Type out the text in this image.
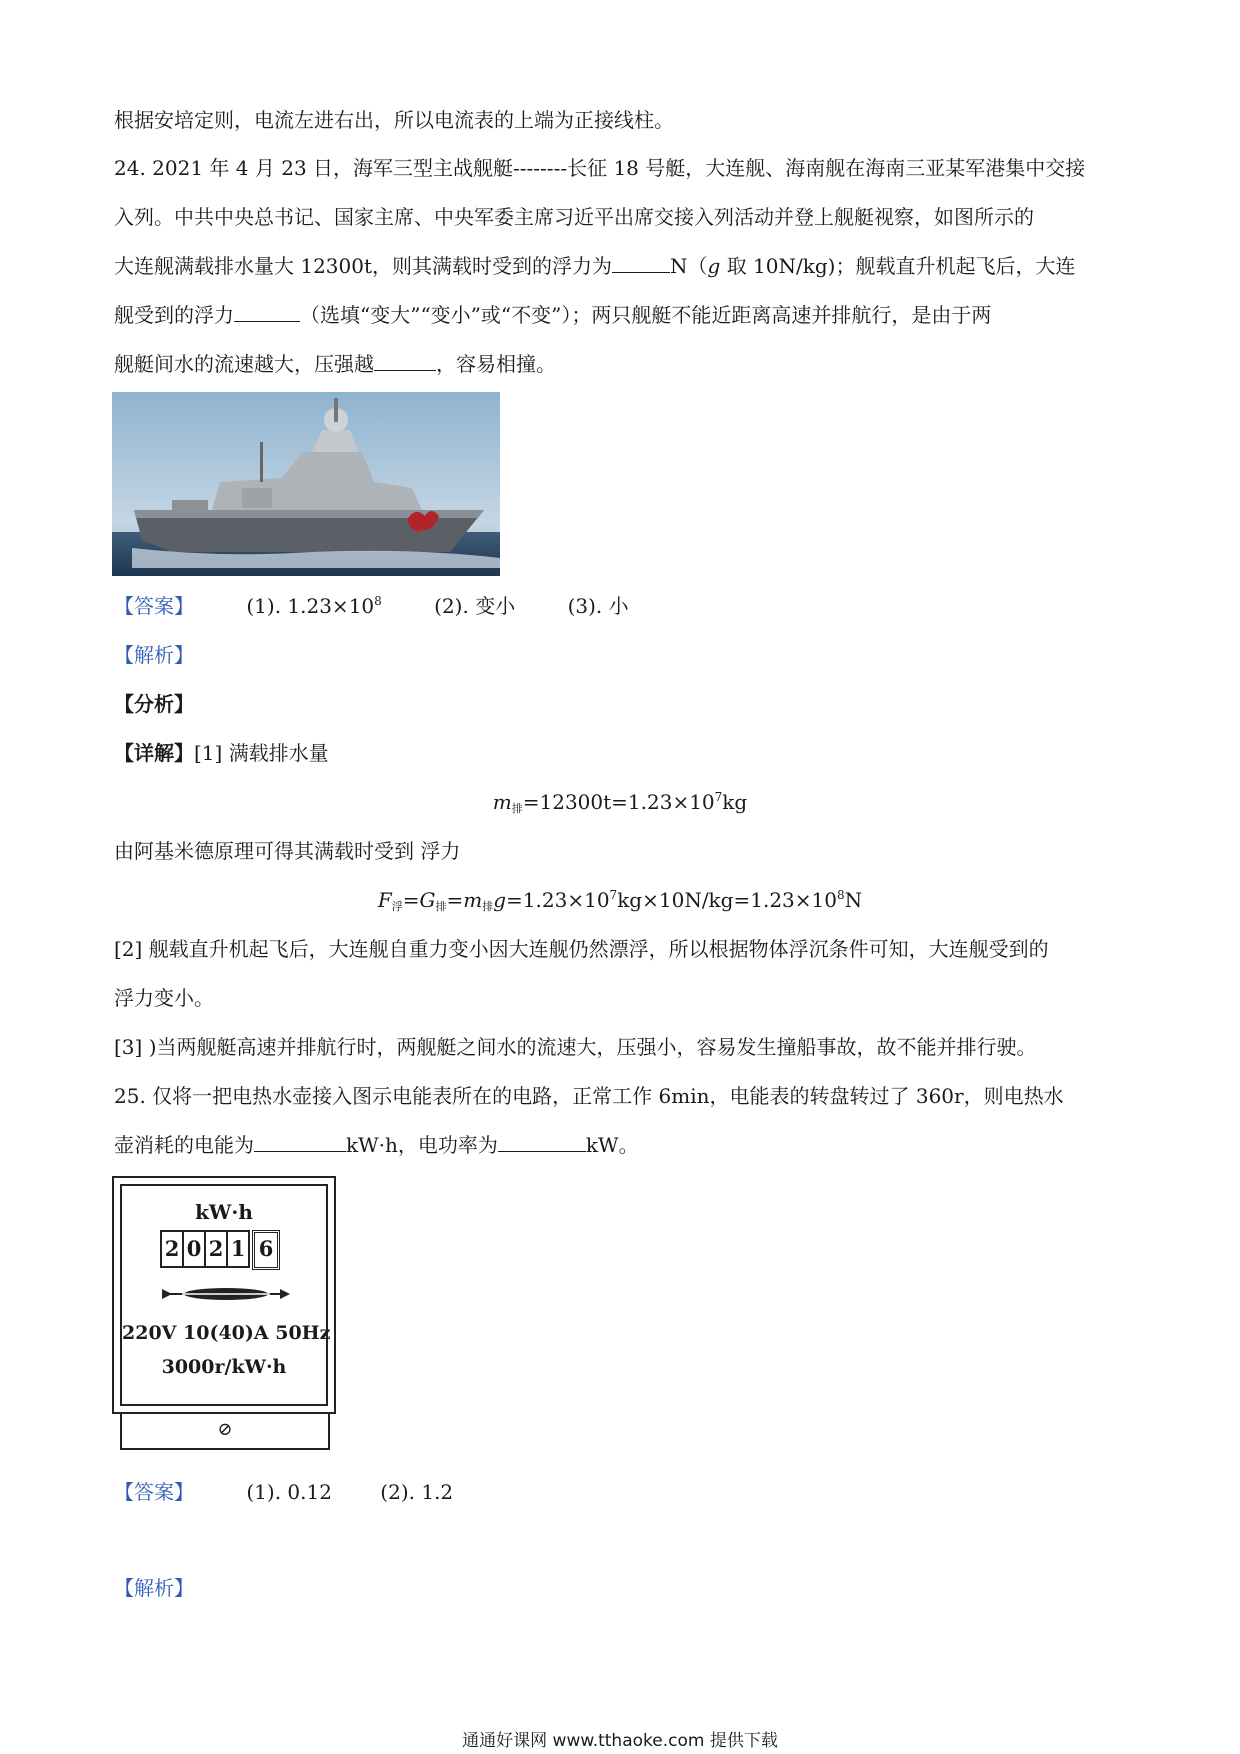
根据安培定则，电流左进右出，所以电流表的上端为正接线柱。
24. 2021 年 4 月 23 日，海军三型主战舰艇--------长征 18 号艇，大连舰、海南舰在海南三亚某军港集中交接
入列。中共中央总书记、国家主席、中央军委主席习近平出席交接入列活动并登上舰艇视察，如图所示的
大连舰满载排水量大 12300t，则其满载时受到的浮力为	N（g 取 10N/kg)；舰载直升机起飞后，大连
舰受到的浮力	（选填“变大”“变小”或“不变”）；两只舰艇不能近距离高速并排航行，是由于两
舰艇间水的流速越大，压强越	，容易相撞。
【答案】	(1). $1.23\times 10^8$	(2). 变小	(3). 小
【解析】
【分析】
【详解】[1] 满载排水量
m排$=12300t=1.23\times 10^7kg$
由阿基米德原理可得其满载时受到 浮力
F浮=G排=m排$g=1.23\times 10^7kg\times 10N/kg=1.23\times 10^8N$
[2] 舰载直升机起飞后，大连舰自重力变小因大连舰仍然漂浮，所以根据物体浮沉条件可知，大连舰受到的
浮力变小。
[3] )当两舰艇高速并排航行时，两舰艇之间水的流速大，压强小，容易发生撞船事故，故不能并排行驶。
25. 仅将一把电热水壶接入图示电能表所在的电路，正常工作 6min，电能表的转盘转过了 360r，则电热水
壶消耗的电能为	kW·h，电功率为	kW。
kW·h
2 0 2 1 6
220V 10(40)A 50Hz
3000r/kW·h
⊘
【答案】	(1). 0.12 (2). 1.2
【解析】
通通好课网 www.tthaoke.com 提供下载
